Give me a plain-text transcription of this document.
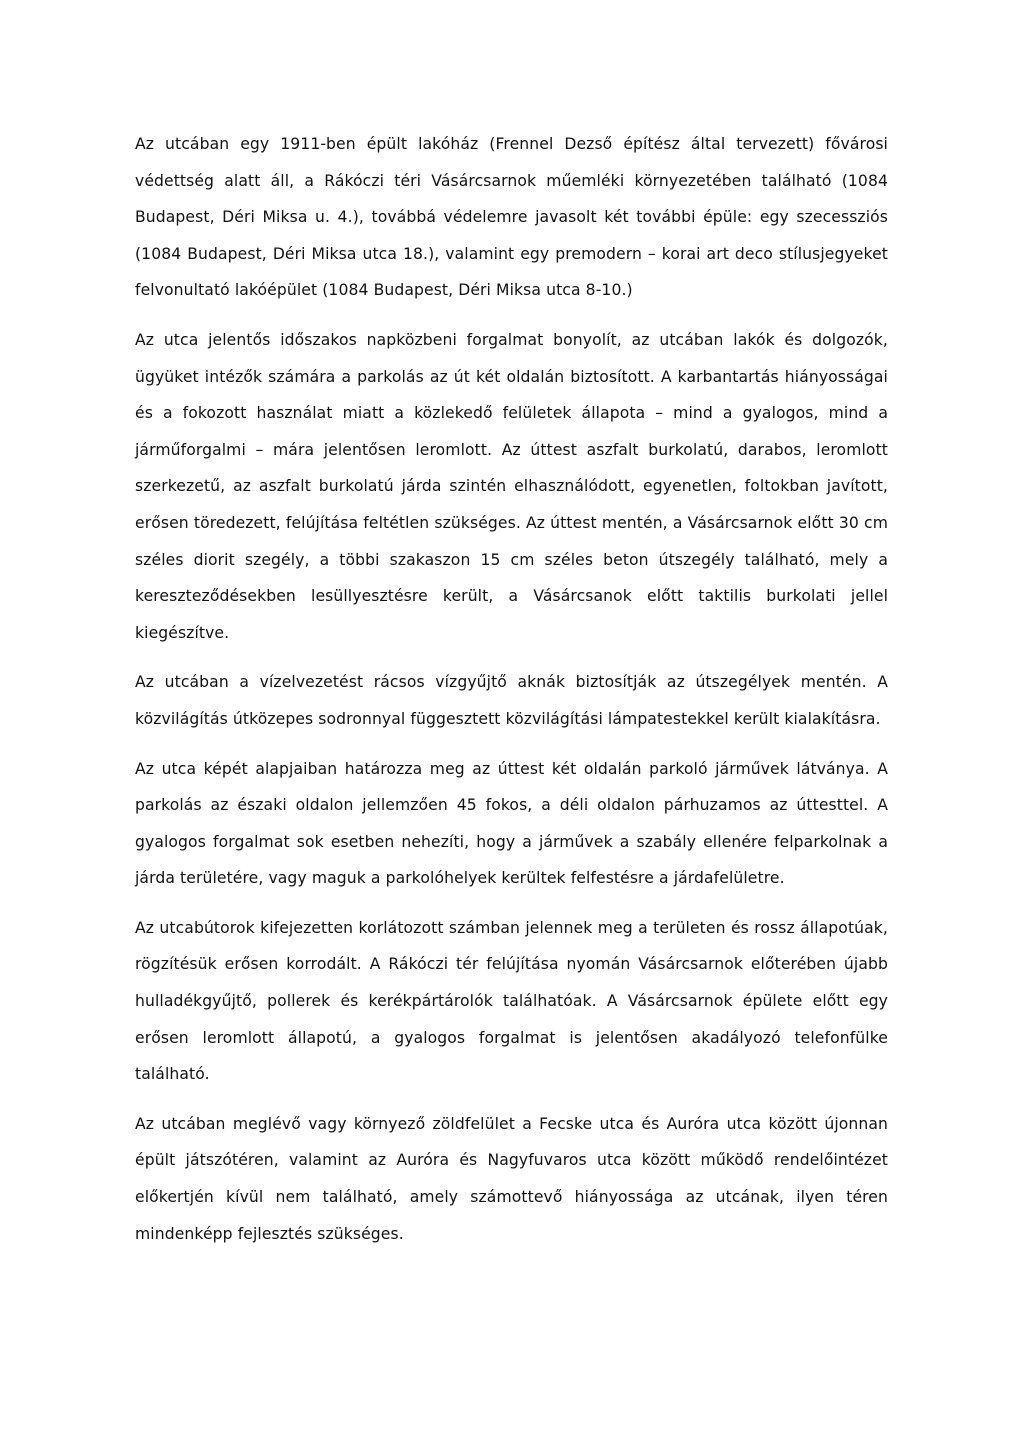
Az utcában egy 1911-ben épült lakóház (Frennel Dezső építész által tervezett) fővárosi védettség alatt áll, a Rákóczi téri Vásárcsarnok műemléki környezetében található (1084 Budapest, Déri Miksa u. 4.), továbbá védelemre javasolt két további épüle: egy szecessziós (1084 Budapest, Déri Miksa utca 18.), valamint egy premodern – korai art deco stílusjegyeket felvonultató lakóépület (1084 Budapest, Déri Miksa utca 8-10.)

Az utca jelentős időszakos napközbeni forgalmat bonyolít, az utcában lakók és dolgozók, ügyüket intézők számára a parkolás az út két oldalán biztosított. A karbantartás hiányosságai és a fokozott használat miatt a közlekedő felületek állapota – mind a gyalogos, mind a járműforgalmi – mára jelentősen leromlott. Az úttest aszfalt burkolatú, darabos, leromlott szerkezetű, az aszfalt burkolatú járda szintén elhasználódott, egyenetlen, foltokban javított, erősen töredezett, felújítása feltétlen szükséges. Az úttest mentén, a Vásárcsarnok előtt 30 cm széles diorit szegély, a többi szakaszon 15 cm széles beton útszegély található, mely a kereszteződésekben lesüllyesztésre került, a Vásárcsanok előtt taktilis burkolati jellel kiegészítve.

Az utcában a vízelvezetést rácsos vízgyűjtő aknák biztosítják az útszegélyek mentén. A közvilágítás útközepes sodronnyal függesztett közvilágítási lámpatestekkel került kialakításra.

Az utca képét alapjaiban határozza meg az úttest két oldalán parkoló járművek látványa. A parkolás az északi oldalon jellemzően 45 fokos, a déli oldalon párhuzamos az úttesttel. A gyalogos forgalmat sok esetben nehezíti, hogy a járművek a szabály ellenére felparkolnak a járda területére, vagy maguk a parkolóhelyek kerültek felfestésre a járdafelületre.

Az utcabútorok kifejezetten korlátozott számban jelennek meg a területen és rossz állapotúak, rögzítésük erősen korrodált. A Rákóczi tér felújítása nyomán Vásárcsarnok előterében újabb hulladékgyűjtő, pollerek és kerékpártárolók találhatóak. A Vásárcsarnok épülete előtt egy erősen leromlott állapotú, a gyalogos forgalmat is jelentősen akadályozó telefonfülke található.

Az utcában meglévő vagy környező zöldfelület a Fecske utca és Auróra utca között újonnan épült játszótéren, valamint az Auróra és Nagyfuvaros utca között működő rendelőintézet előkertjén kívül nem található, amely számottevő hiányossága az utcának, ilyen téren mindenképp fejlesztés szükséges.
